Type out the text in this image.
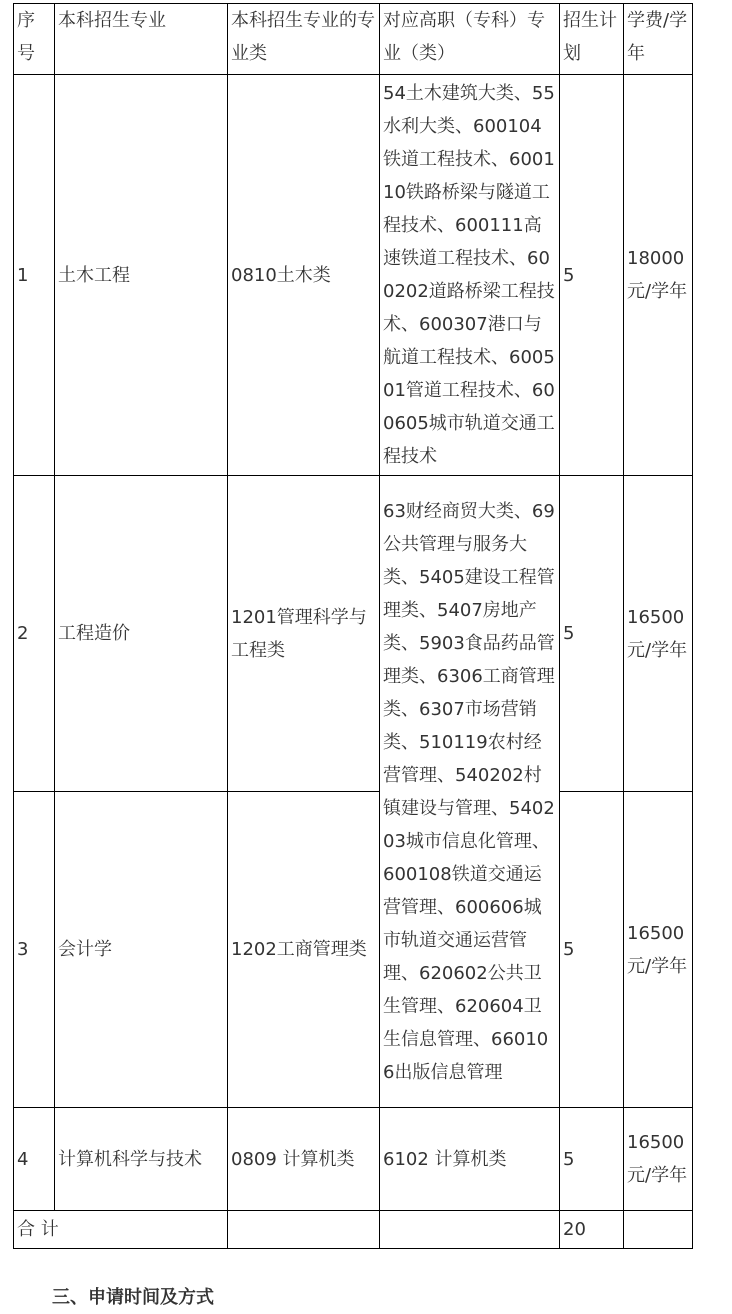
序号	本科招生专业	本科招生专业的专业类	对应高职（专科）专业（类）	招生计划	学费/学年
1	土木工程	0810土木类	54土木建筑大类、55水利大类、600104铁道工程技术、600110铁路桥梁与隧道工程技术、600111高速铁道工程技术、600202道路桥梁工程技术、600307港口与航道工程技术、600501管道工程技术、600605城市轨道交通工程技术	5	18000元/学年
2	工程造价	1201管理科学与工程类	63财经商贸大类、69公共管理与服务大类、5405建设工程管理类、5407房地产类、5903食品药品管理类、6306工商管理类、6307市场营销类、510119农村经营管理、540202村镇建设与管理、540203城市信息化管理、600108铁道交通运营管理、600606城市轨道交通运营管理、620602公共卫生管理、620604卫生信息管理、660106出版信息管理	5	16500元/学年
3	会计学	1202工商管理类		5	16500元/学年
4	计算机科学与技术	0809 计算机类	6102 计算机类	5	16500元/学年
合 计				20	
三、申请时间及方式
